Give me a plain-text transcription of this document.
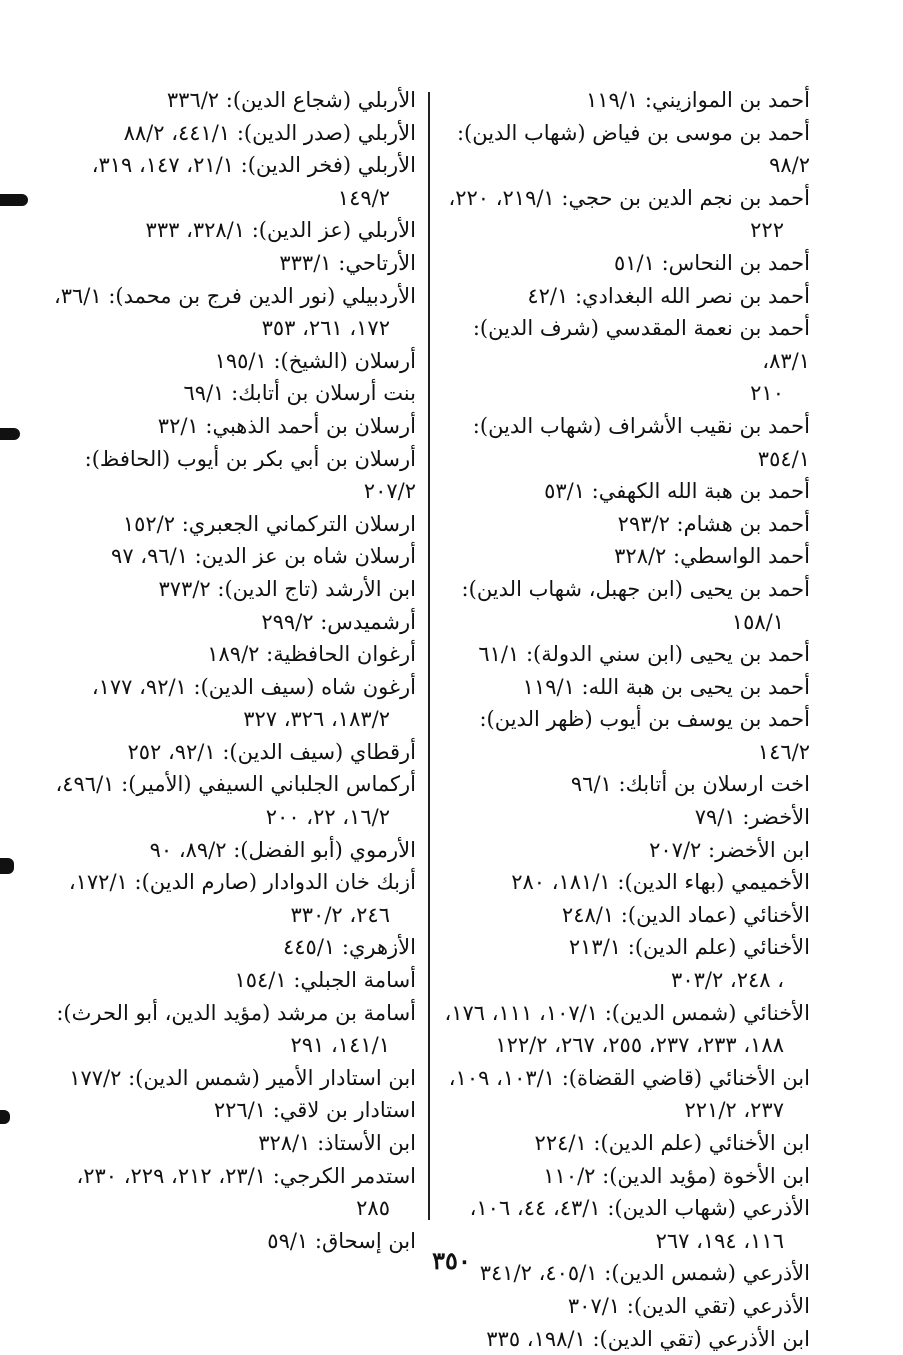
أحمد بن الموازيني: ١١٩/١
أحمد بن موسى بن فياض (شهاب الدين): ٩٨/٢
أحمد بن نجم الدين بن حجي: ٢١٩/١، ٢٢٠،
٢٢٢
أحمد بن النحاس: ٥١/١
أحمد بن نصر الله البغدادي: ٤٢/١
أحمد بن نعمة المقدسي (شرف الدين): ٨٣/١،
٢١٠
أحمد بن نقيب الأشراف (شهاب الدين): ٣٥٤/١
أحمد بن هبة الله الكهفي: ٥٣/١
أحمد بن هشام: ٢٩٣/٢
أحمد الواسطي: ٣٢٨/٢
أحمد بن يحيى (ابن جهبل، شهاب الدين):
١٥٨/١
أحمد بن يحيى (ابن سني الدولة): ٦١/١
أحمد بن يحيى بن هبة الله: ١١٩/١
أحمد بن يوسف بن أيوب (ظهر الدين): ١٤٦/٢
اخت ارسلان بن أتابك: ٩٦/١
الأخضر: ٧٩/١
ابن الأخضر: ٢٠٧/٢
الأخميمي (بهاء الدين): ١٨١/١، ٢٨٠
الأخنائي (عماد الدين): ٢٤٨/١
الأخنائي (علم الدين): ٢١٣/١
، ٢٤٨، ٣٠٣/٢
الأخنائي (شمس الدين): ١٠٧/١، ١١١، ١٧٦،
١٨٨، ٢٣٣، ٢٣٧، ٢٥٥، ٢٦٧، ١٢٢/٢
ابن الأخنائي (قاضي القضاة): ١٠٣/١، ١٠٩،
٢٣٧، ٢٢١/٢
ابن الأخنائي (علم الدين): ٢٢٤/١
ابن الأخوة (مؤيد الدين): ١١٠/٢
الأذرعي (شهاب الدين): ٤٣/١، ٤٤، ١٠٦،
١١٦، ١٩٤، ٢٦٧
الأذرعي (شمس الدين): ٤٠٥/١، ٣٤١/٢
الأذرعي (تقي الدين): ٣٠٧/١
ابن الأذرعي (تقي الدين): ١٩٨/١، ٣٣٥
الأربلي (شجاع الدين): ٣٣٦/٢
الأربلي (صدر الدين): ٤٤١/١، ٨٨/٢
الأربلي (فخر الدين): ٢١/١، ١٤٧، ٣١٩،
١٤٩/٢
الأربلي (عز الدين): ٣٢٨/١، ٣٣٣
الأرتاحي: ٣٣٣/١
الأردبيلي (نور الدين فرج بن محمد): ٣٦/١،
١٧٢، ٢٦١، ٣٥٣
أرسلان (الشيخ): ١٩٥/١
بنت أرسلان بن أتابك: ٦٩/١
أرسلان بن أحمد الذهبي: ٣٢/١
أرسلان بن أبي بكر بن أيوب (الحافظ): ٢٠٧/٢
ارسلان التركماني الجعبري: ١٥٢/٢
أرسلان شاه بن عز الدين: ٩٦/١، ٩٧
ابن الأرشد (تاج الدين): ٣٧٣/٢
أرشميدس: ٢٩٩/٢
أرغوان الحافظية: ١٨٩/٢
أرغون شاه (سيف الدين): ٩٢/١، ١٧٧،
١٨٣/٢، ٣٢٦، ٣٢٧
أرقطاي (سيف الدين): ٩٢/١، ٢٥٢
أركماس الجلباني السيفي (الأمير): ٤٩٦/١،
١٦/٢، ٢٢، ٢٠٠
الأرموي (أبو الفضل): ٨٩/٢، ٩٠
أزبك خان الدوادار (صارم الدين): ١٧٢/١،
٢٤٦، ٣٣٠/٢
الأزهري: ٤٤٥/١
أسامة الجبلي: ١٥٤/١
أسامة بن مرشد (مؤيد الدين، أبو الحرث):
١٤١/١، ٢٩١
ابن استادار الأمير (شمس الدين): ١٧٧/٢
استادار بن لاقي: ٢٢٦/١
ابن الأستاذ: ٣٢٨/١
استدمر الكرجي: ٢٣/١، ٢١٢، ٢٢٩، ٢٣٠،
٢٨٥
ابن إسحاق: ٥٩/١
٣٥٠
